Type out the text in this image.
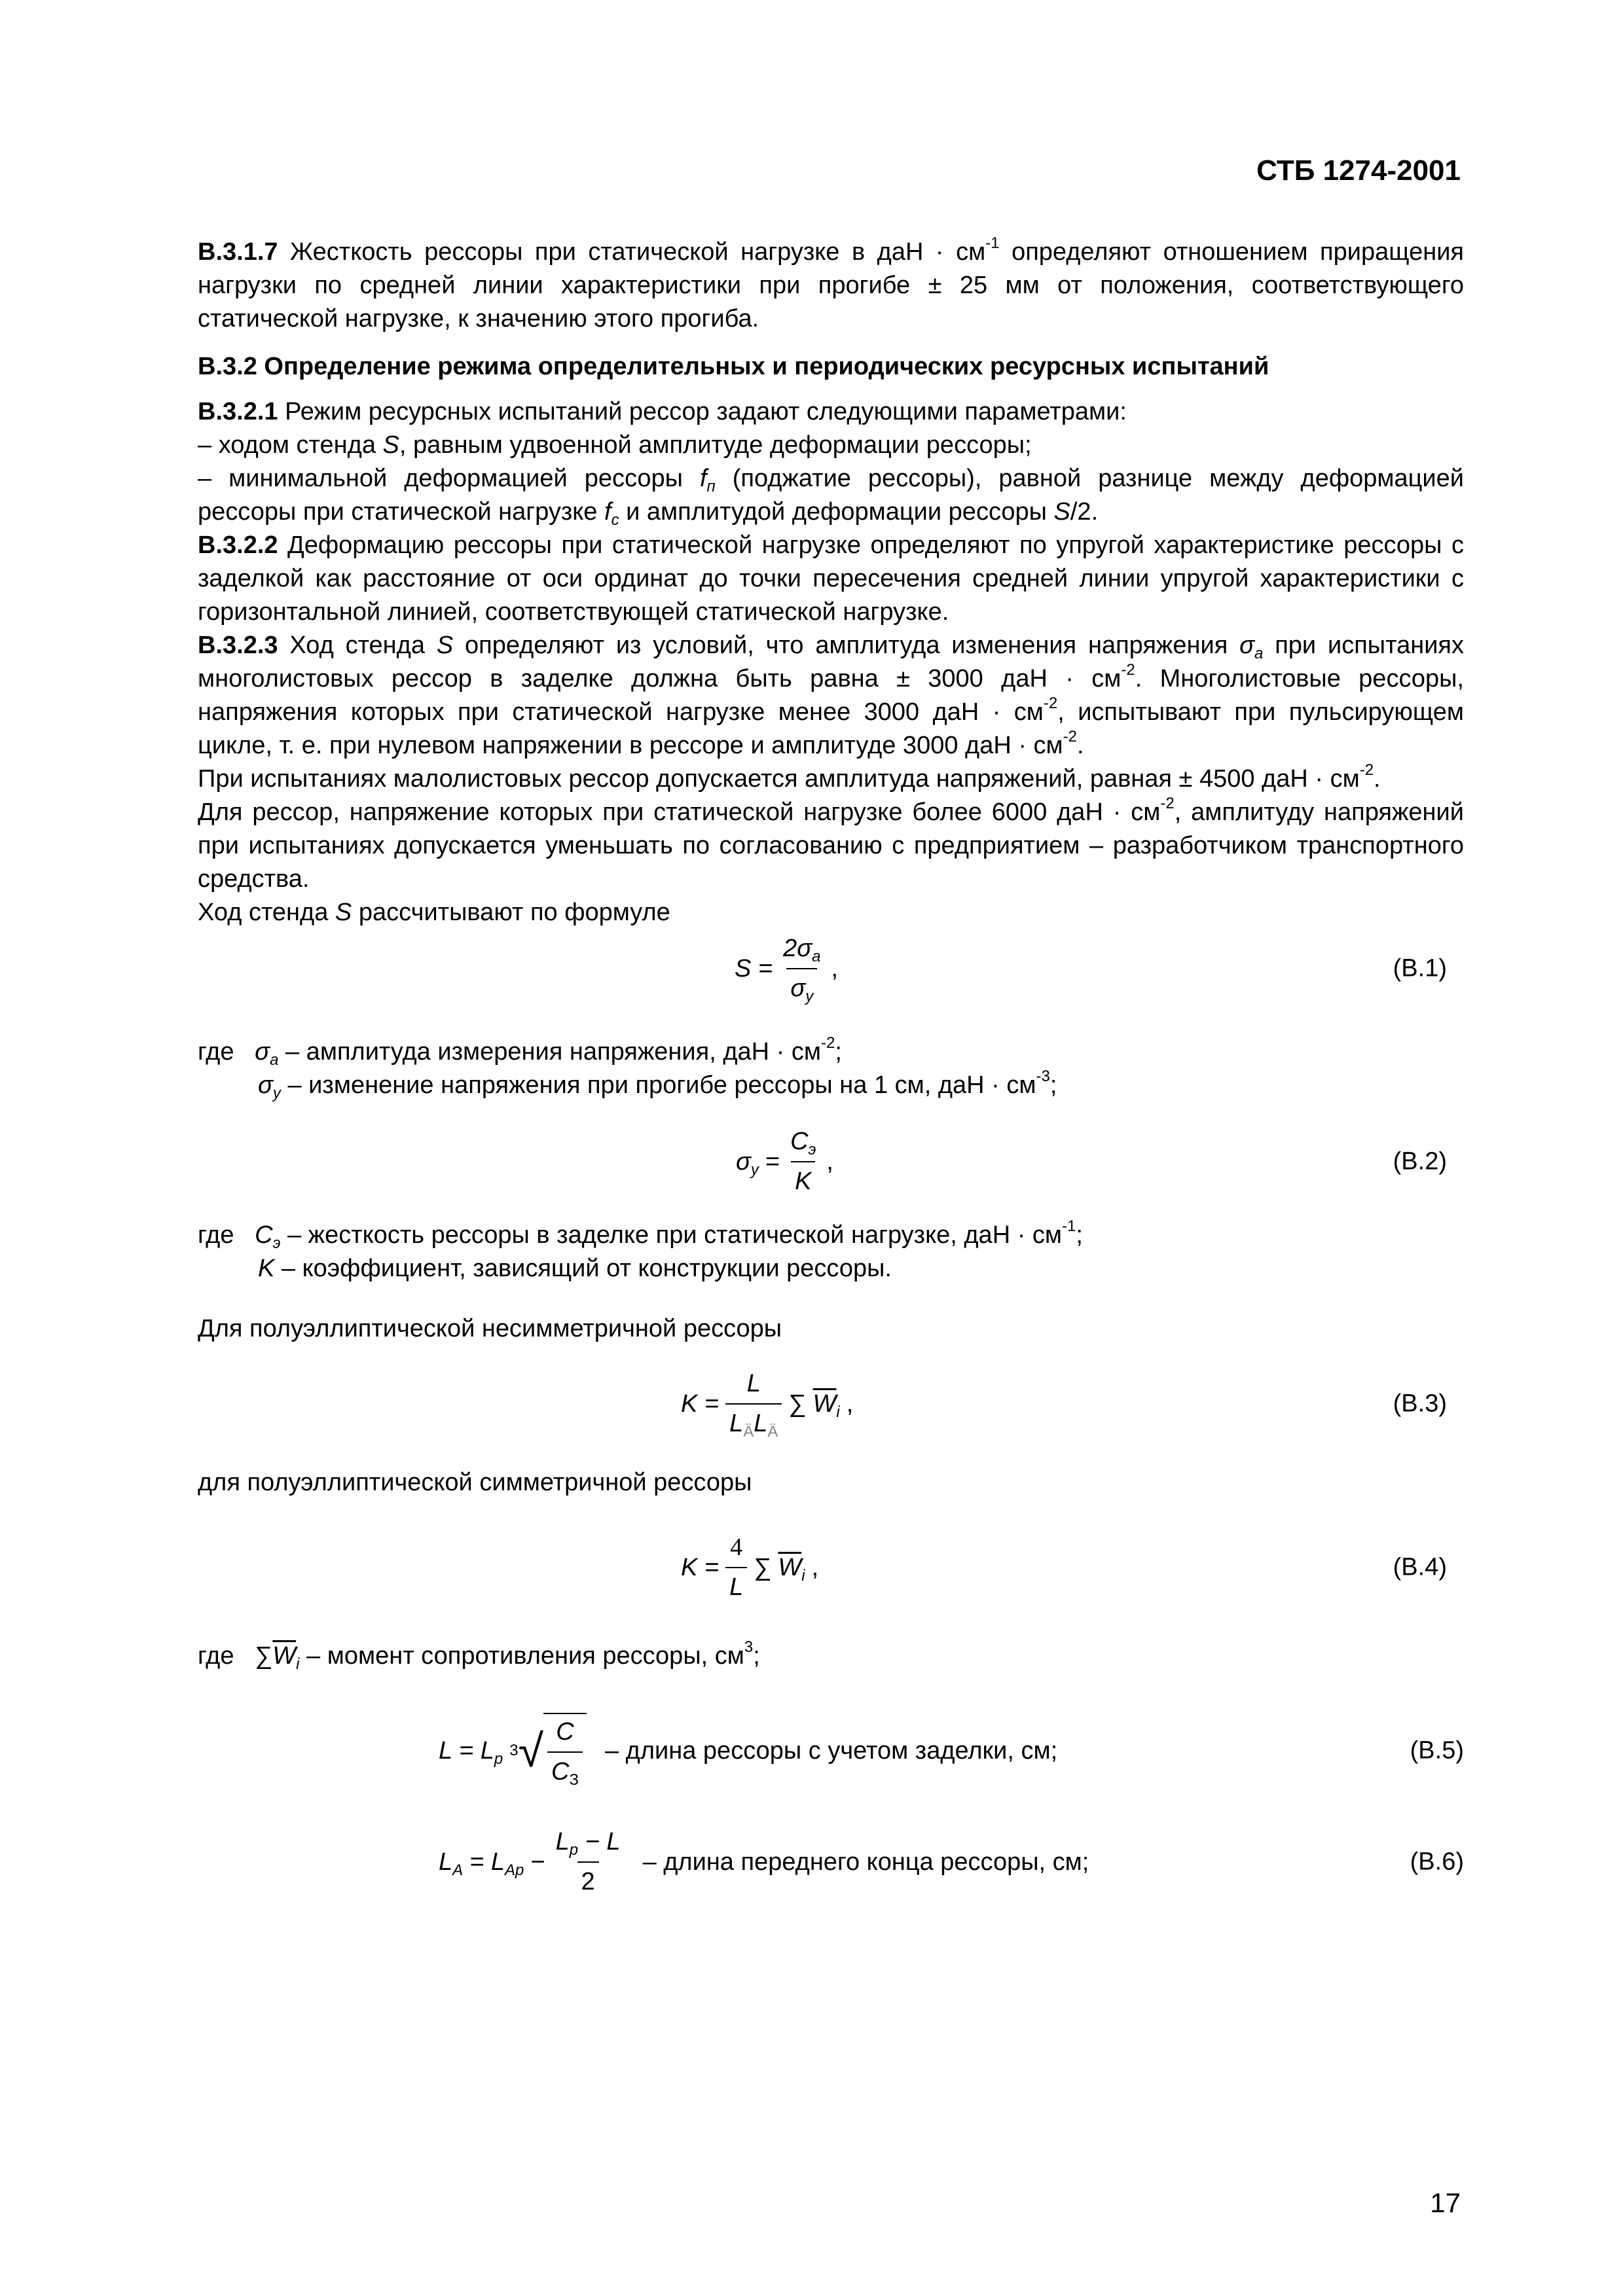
СТБ 1274-2001

В.3.1.7 Жесткость рессоры при статической нагрузке в даН · $см^{-1}$ определяют отношением приращения нагрузки по средней линии характеристики при прогибе ± 25 мм от положения, соответствующего статической нагрузке, к значению этого прогиба.

В.3.2 Определение режима определительных и периодических ресурсных испытаний

В.3.2.1 Режим ресурсных испытаний рессор задают следующими параметрами:

– ходом стенда S, равным удвоенной амплитуде деформации рессоры;

– минимальной деформацией рессоры $f_п$ (поджатие рессоры), равной разнице между деформацией рессоры при статической нагрузке $f_c$ и амплитудой деформации рессоры S/2.

В.3.2.2 Деформацию рессоры при статической нагрузке определяют по упругой характеристике рессоры с заделкой как расстояние от оси ординат до точки пересечения средней линии упругой характеристики с горизонтальной линией, соответствующей статической нагрузке.

В.3.2.3 Ход стенда S определяют из условий, что амплитуда изменения напряжения $\sigma_a$ при испытаниях многолистовых рессор в заделке должна быть равна ± 3000 даН · $см^{-2}$. Многолистовые рессоры, напряжения которых при статической нагрузке менее 3000 даН · $см^{-2}$, испытывают при пульсирующем цикле, т. е. при нулевом напряжении в рессоре и амплитуде 3000 даН · $см^{-2}$.

При испытаниях малолистовых рессор допускается амплитуда напряжений, равная ± 4500 даН · $см^{-2}$.

Для рессор, напряжение которых при статической нагрузке более 6000 даН · $см^{-2}$, амплитуду напряжений при испытаниях допускается уменьшать по согласованию с предприятием – разработчиком транспортного средства.

Ход стенда S рассчитывают по формуле

$S = \frac{2\sigma_a}{\sigma_y}$ ,	(В.1)
где $\sigma_a$ – амплитуда измерения напряжения, даН · $см^{-2}$;
$\sigma_y$ – изменение напряжения при прогибе рессоры на 1 см, даН · $см^{-3}$;
$\sigma_y = \frac{C_э}{K}$ ,	(В.2)
где $C_э$ – жесткость рессоры в заделке при статической нагрузке, даН · $см^{-1}$;
K – коэффициент, зависящий от конструкции рессоры.
Для полуэллиптической несимметричной рессоры
$K = \frac{L}{L_ÄL_Ä}$ ∑ $\overline{W}_i$ ,	(В.3)
для полуэллиптической симметричной рессоры
$K = \frac{4}{L}$ ∑ $\overline{W}_i$ ,	(В.4)
где $\sum\overline{W}_i$ – момент сопротивления рессоры, $см^3$;
$L = L_p$ 3 √ $\frac{C}{C_З}$ – длина рессоры с учетом заделки, см;	(В.5)
$L_A = L_{Ap} - \frac{L_p - L}{2}$ – длина переднего конца рессоры, см;	(В.6)
17
